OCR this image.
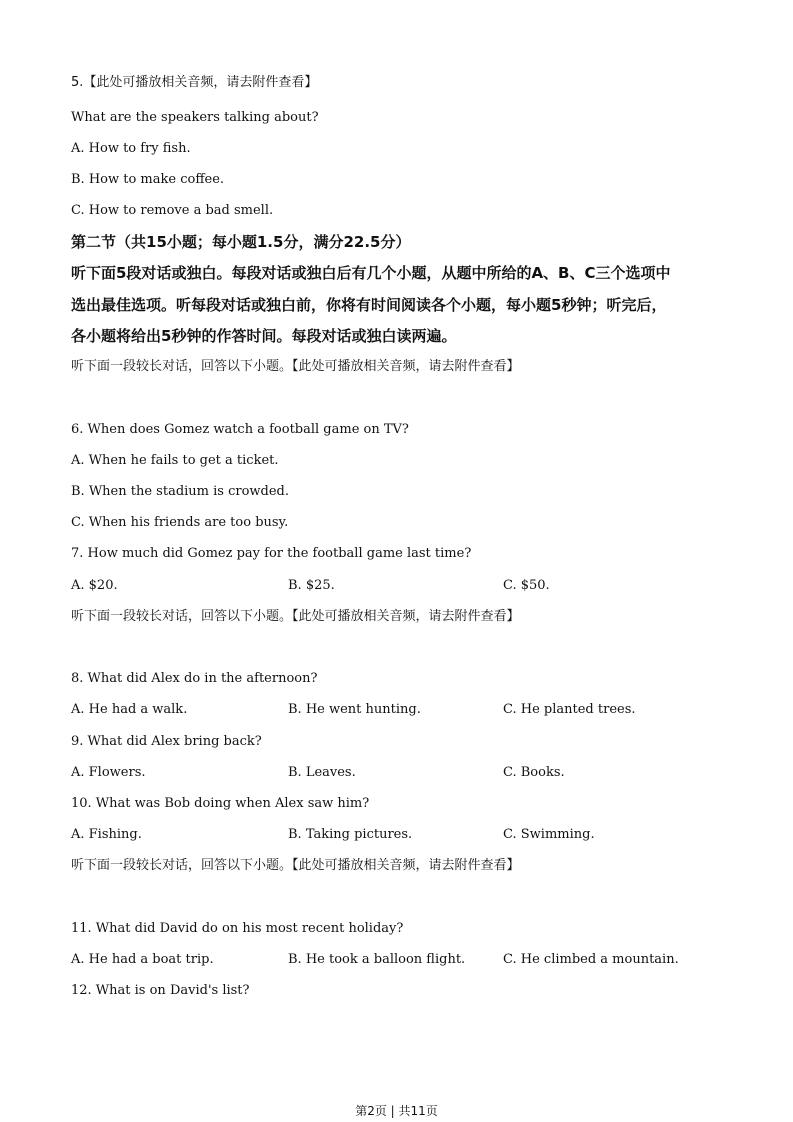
5.【此处可播放相关音频，请去附件查看】
What are the speakers talking about?
A. How to fry fish.
B. How to make coffee.
C. How to remove a bad smell.
第二节（共15小题；每小题1.5分，满分22.5分）
听下面5段对话或独白。每段对话或独白后有几个小题，从题中所给的A、B、C三个选项中
选出最佳选项。听每段对话或独白前，你将有时间阅读各个小题，每小题5秒钟；听完后，
各小题将给出5秒钟的作答时间。每段对话或独白读两遍。
听下面一段较长对话，回答以下小题。【此处可播放相关音频，请去附件查看】
6. When does Gomez watch a football game on TV?
A. When he fails to get a ticket.
B. When the stadium is crowded.
C. When his friends are too busy.
7. How much did Gomez pay for the football game last time?
A. $20.	B. $25.	C. $50.
听下面一段较长对话，回答以下小题。【此处可播放相关音频，请去附件查看】
8. What did Alex do in the afternoon?
A. He had a walk.	B. He went hunting.	C. He planted trees.
9. What did Alex bring back?
A. Flowers.	B. Leaves.	C. Books.
10. What was Bob doing when Alex saw him?
A. Fishing.	B. Taking pictures.	C. Swimming.
听下面一段较长对话，回答以下小题。【此处可播放相关音频，请去附件查看】
11. What did David do on his most recent holiday?
A. He had a boat trip.	B. He took a balloon flight.	C. He climbed a mountain.
12. What is on David's list?
第2页 | 共11页
